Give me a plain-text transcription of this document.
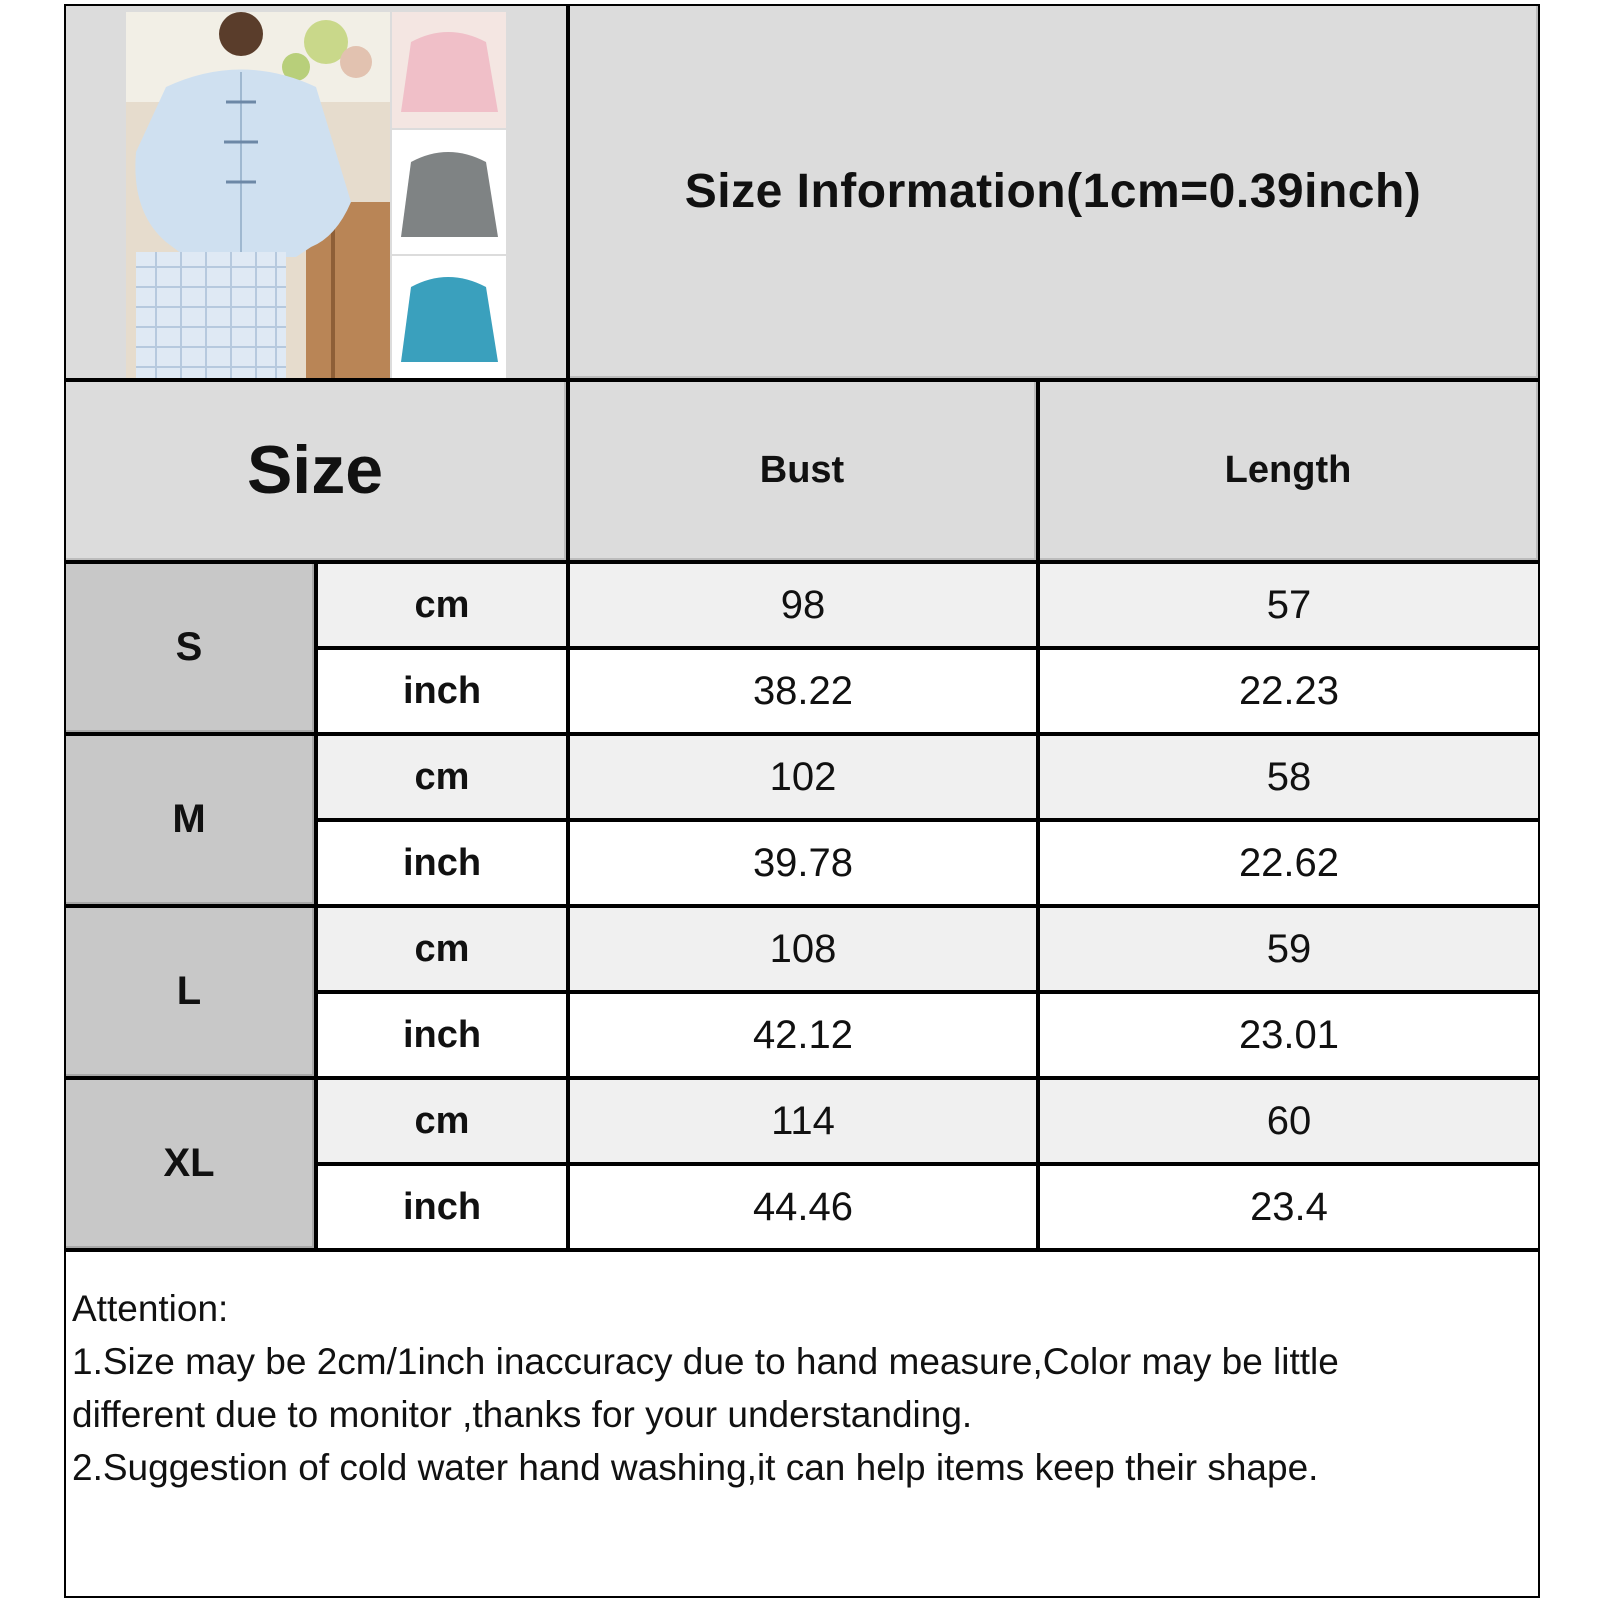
Size Information(1cm=0.39inch)
Size	Bust	Length
S
cm	98	57
inch	38.22	22.23
M
cm	102	58
inch	39.78	22.62
L
cm	108	59
inch	42.12	23.01
XL
cm	114	60
inch	44.46	23.4
Attention:
1.Size may be 2cm/1inch inaccuracy due to hand measure,Color may be little
different due to monitor ,thanks for your understanding.
2.Suggestion of cold water hand washing,it can help items keep their shape.
